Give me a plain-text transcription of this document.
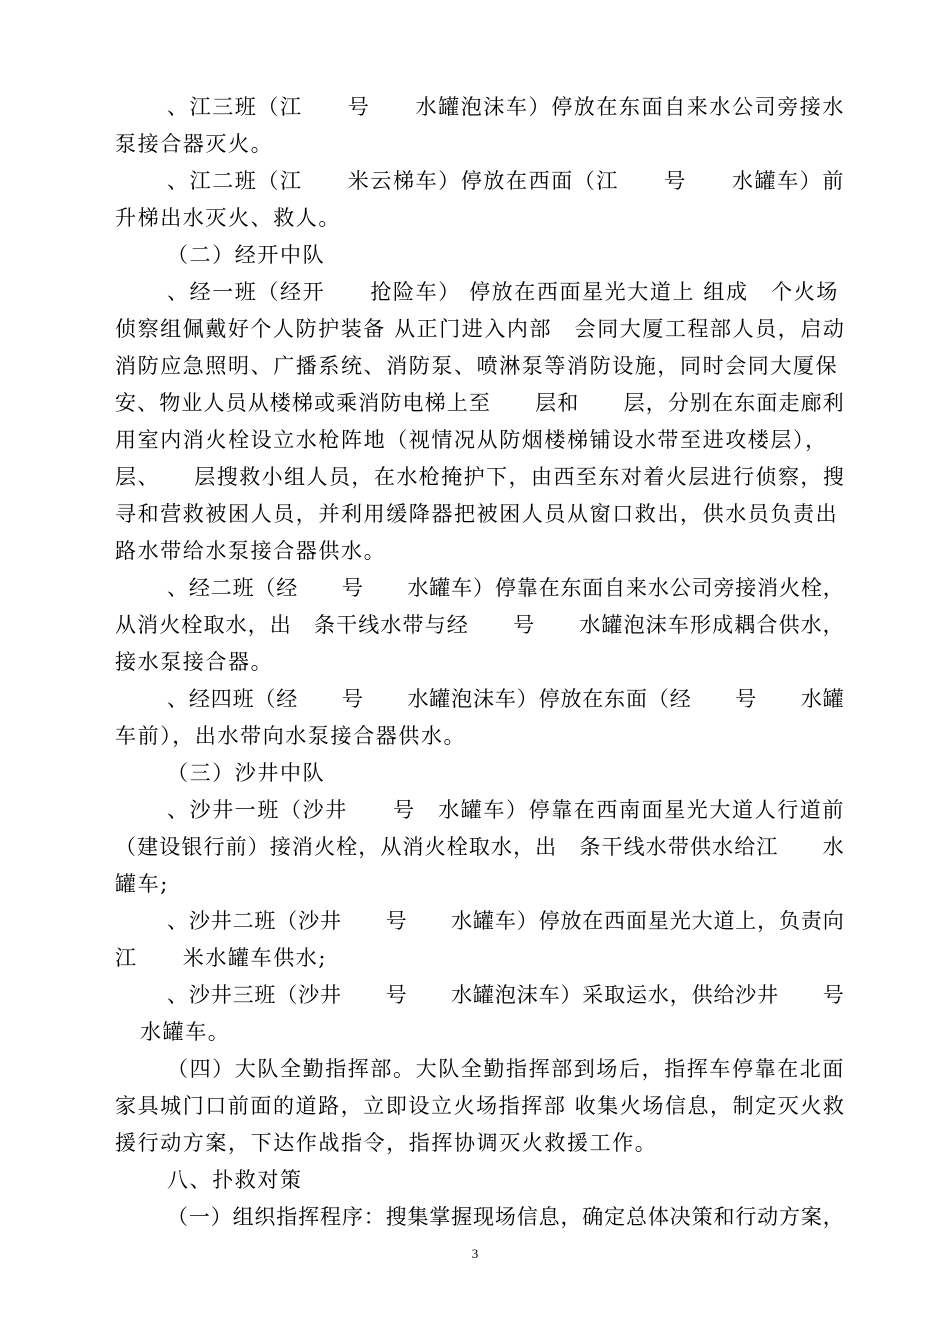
、江三班（江　　号　　水罐泡沫车）停放在东面自来水公司旁接水
泵接合器灭火。
、江二班（江　　米云梯车）停放在西面（江　　号　　水罐车）前
升梯出水灭火、救人。
（二）经开中队
、经一班（经开　　抢险车） 停放在西面星光大道上 组成　个火场
侦察组佩戴好个人防护装备 从正门进入内部　会同大厦工程部人员，启动
消防应急照明、广播系统、消防泵、喷淋泵等消防设施，同时会同大厦保
安、物业人员从楼梯或乘消防电梯上至　　层和　　层，分别在东面走廊利
用室内消火栓设立水枪阵地（视情况从防烟楼梯铺设水带至进攻楼层），
层、　　层搜救小组人员，在水枪掩护下，由西至东对着火层进行侦察，搜
寻和营救被困人员，并利用缓降器把被困人员从窗口救出，供水员负责出
路水带给水泵接合器供水。
、经二班（经　　号　　水罐车）停靠在东面自来水公司旁接消火栓，
从消火栓取水，出　条干线水带与经　　号　　水罐泡沫车形成耦合供水，
接水泵接合器。
、经四班（经　　号　　水罐泡沫车）停放在东面（经　　号　　水罐
车前），出水带向水泵接合器供水。
（三）沙井中队
、沙井一班（沙井　　号　水罐车）停靠在西南面星光大道人行道前
（建设银行前）接消火栓，从消火栓取水，出　条干线水带供水给江　　水
罐车;
、沙井二班（沙井　　号　　水罐车）停放在西面星光大道上，负责向
江　　米水罐车供水;
、沙井三班（沙井　　号　　水罐泡沫车）采取运水，供给沙井　　号
水罐车。
（四）大队全勤指挥部。大队全勤指挥部到场后，指挥车停靠在北面
家具城门口前面的道路，立即设立火场指挥部 收集火场信息，制定灭火救
援行动方案，下达作战指令，指挥协调灭火救援工作。
八、扑救对策
（一）组织指挥程序：搜集掌握现场信息，确定总体决策和行动方案，
3
